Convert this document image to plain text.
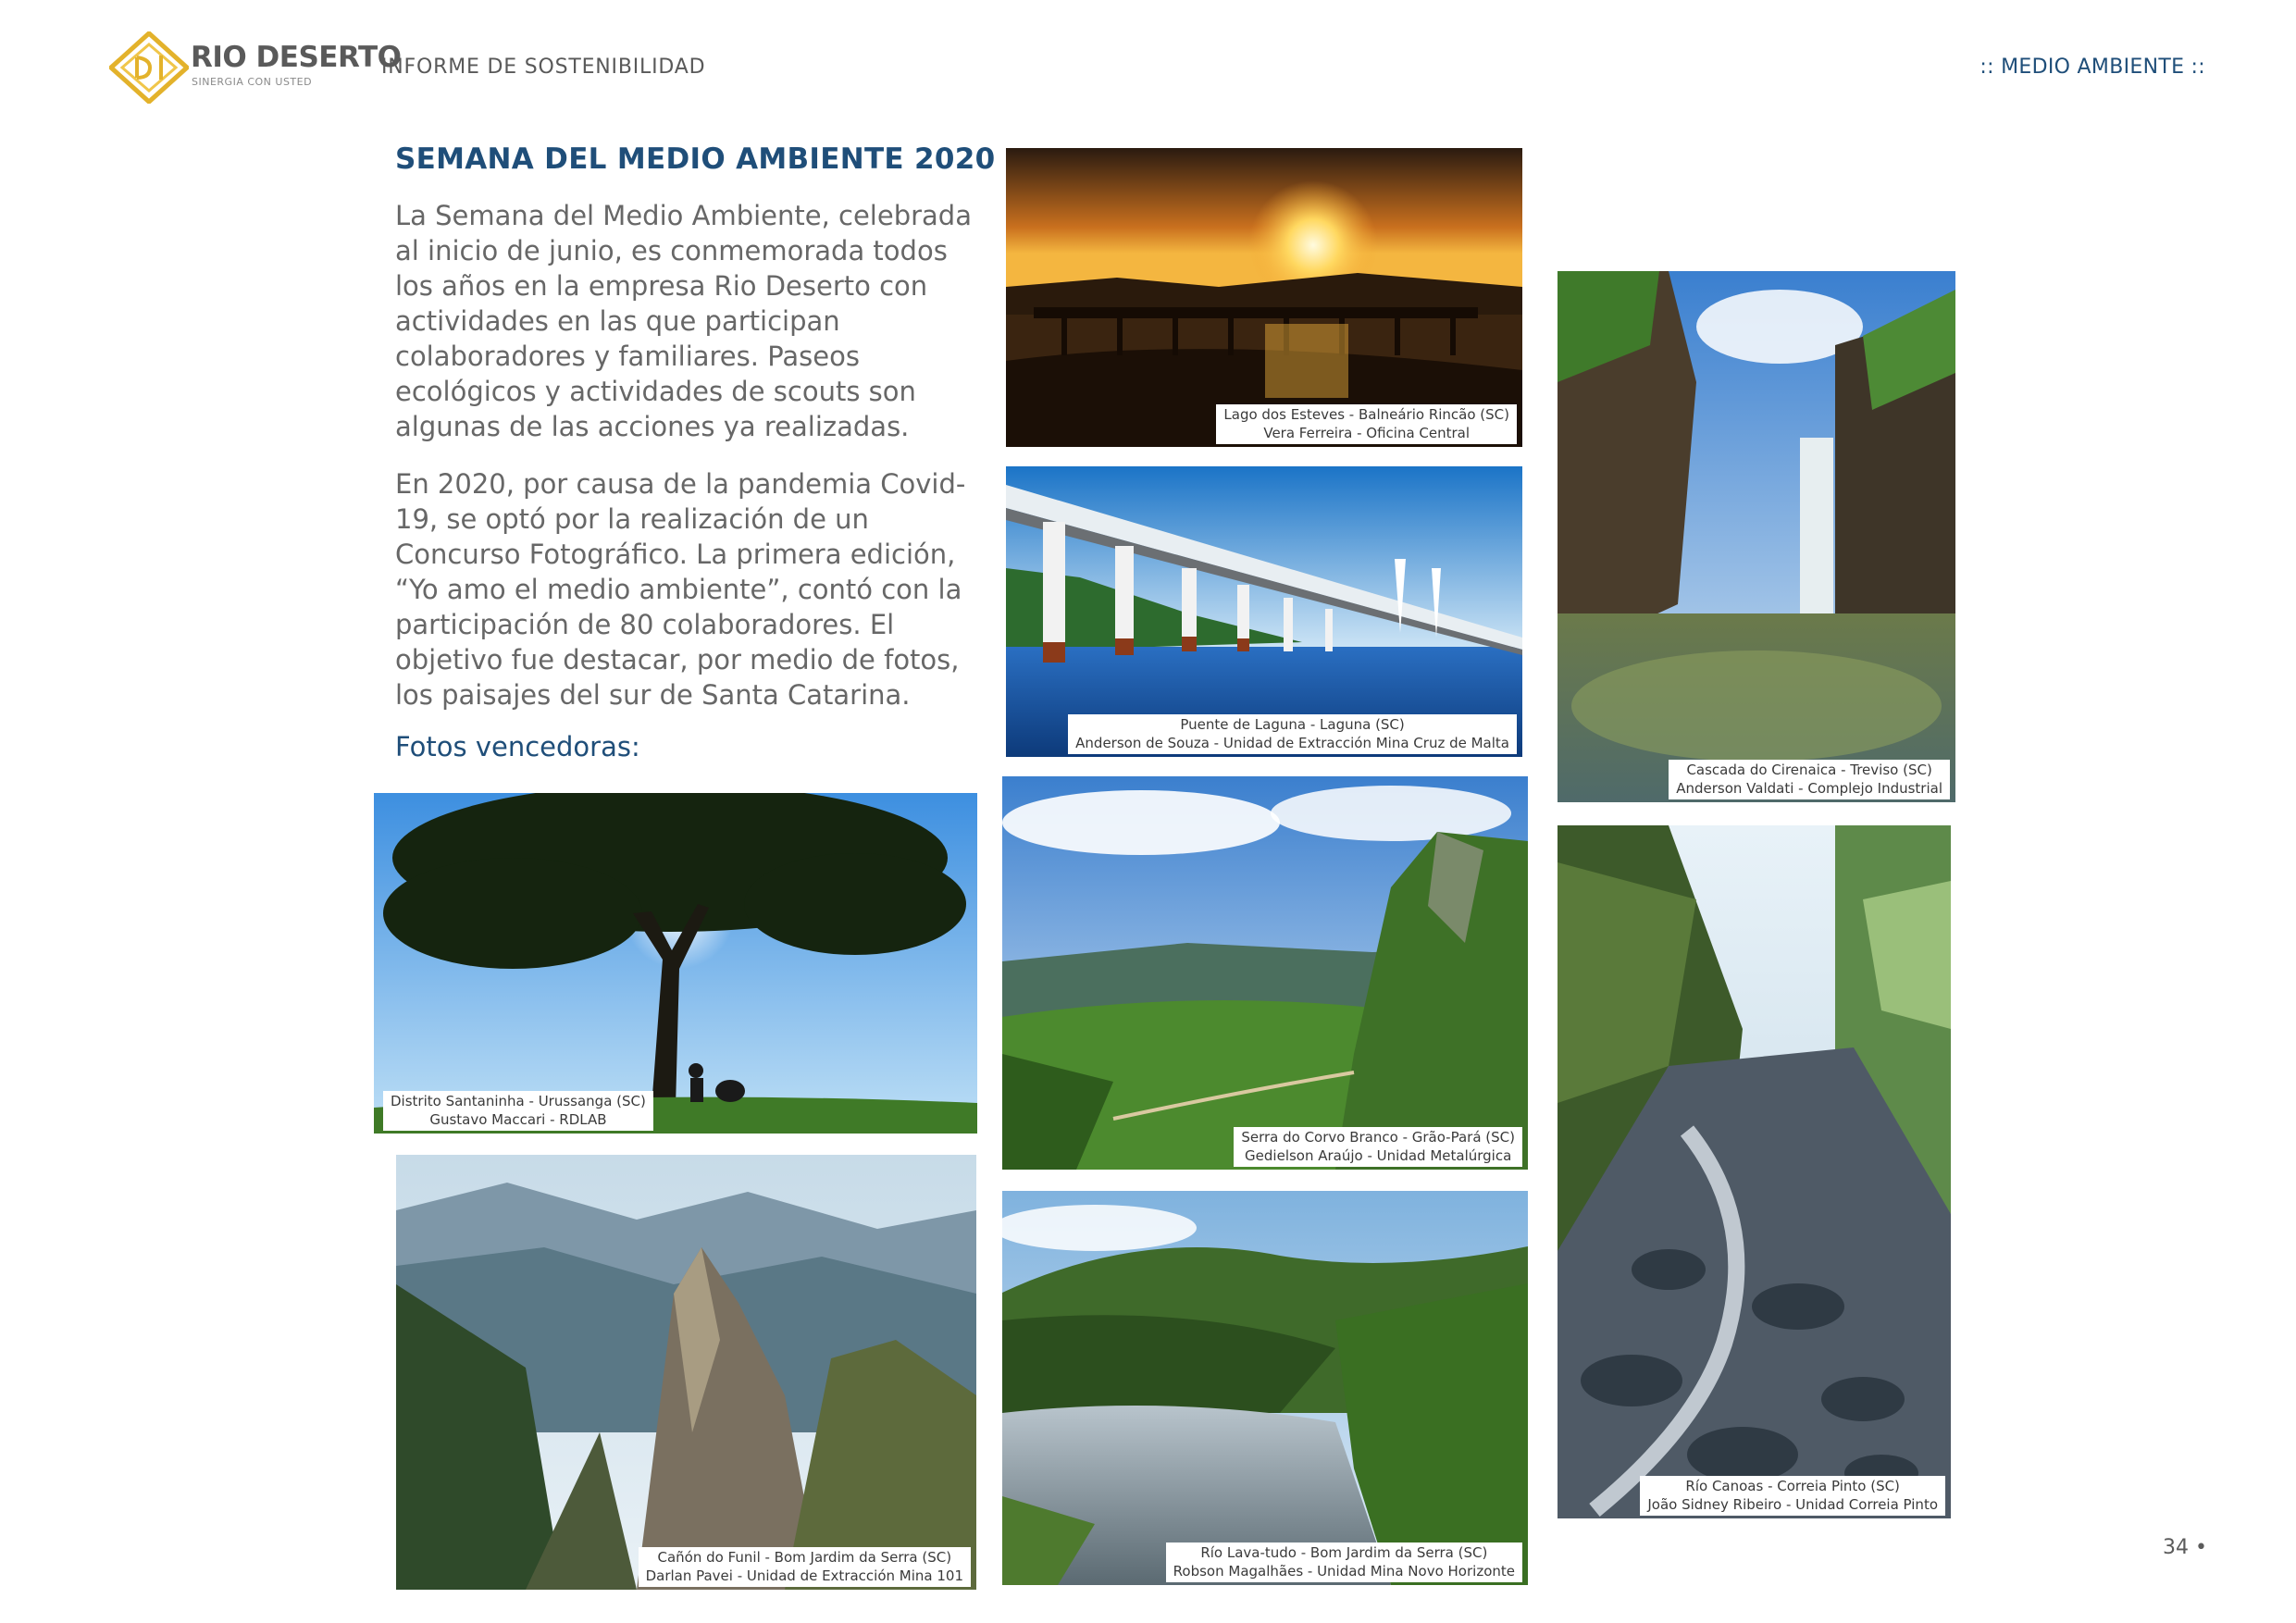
RIO DESERTO
SINERGIA CON USTED
INFORME DE SOSTENIBILIDAD	:: MEDIO AMBIENTE ::
SEMANA DEL MEDIO AMBIENTE 2020
La Semana del Medio Ambiente, celebrada al inicio de junio, es conmemorada todos los años en la empresa Rio Deserto con actividades en las que participan colaboradores y familiares. Paseos ecológicos y actividades de scouts son algunas de las acciones ya realizadas.
En 2020, por causa de la pandemia Covid-19, se optó por la realización de un Concurso Fotográfico. La primera edición, “Yo amo el medio ambiente”, contó con la participación de 80 colaboradores. El objetivo fue destacar, por medio de fotos, los paisajes del sur de Santa Catarina.
Fotos vencedoras:
Lago dos Esteves - Balneário Rincão (SC)
Vera Ferreira - Oficina Central
Puente de Laguna - Laguna (SC)
Anderson de Souza - Unidad de Extracción Mina Cruz de Malta
Cascada do Cirenaica - Treviso (SC)
Anderson Valdati - Complejo Industrial
Distrito Santaninha - Urussanga (SC)
Gustavo Maccari - RDLAB
Serra do Corvo Branco - Grão-Pará (SC)
Gedielson Araújo - Unidad Metalúrgica
Río Canoas - Correia Pinto (SC)
João Sidney Ribeiro - Unidad Correia Pinto
Cañón do Funil - Bom Jardim da Serra (SC)
Darlan Pavei - Unidad de Extracción Mina 101
Río Lava-tudo - Bom Jardim da Serra (SC)
Robson Magalhães - Unidad Mina Novo Horizonte
34 •
